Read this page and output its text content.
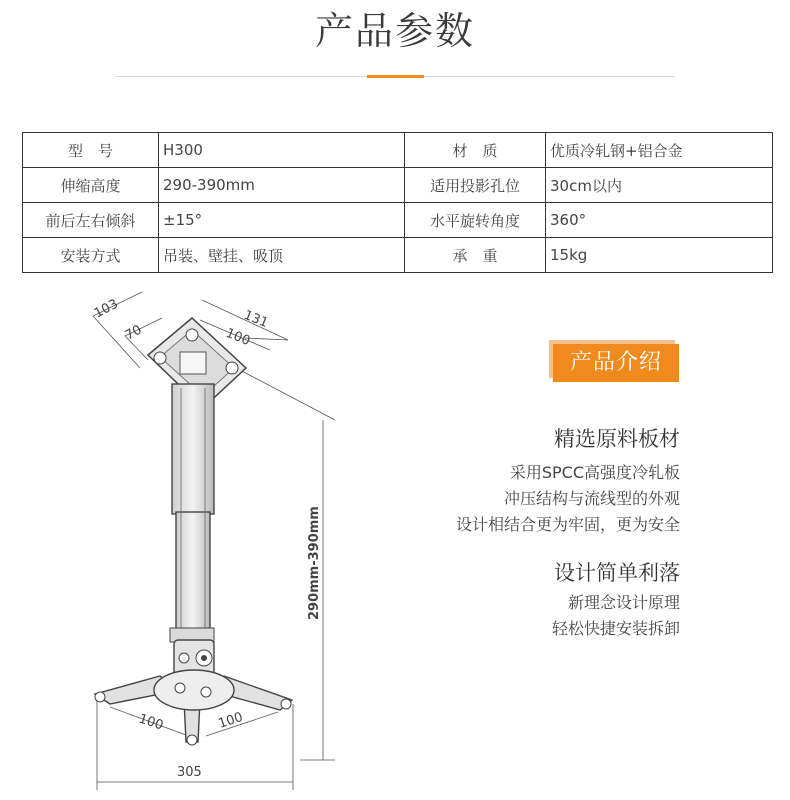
产品参数
型　号	H300	材　质	优质冷轧钢+铝合金
伸缩高度	290-390mm	适用投影孔位	30cm以内
前后左右倾斜	±15°	水平旋转角度	360°
安装方式	吊装、壁挂、吸顶	承　重	15kg
103
70
131
100
290mm-390mm
100	100
305
产品介绍
精选原料板材
采用SPCC高强度冷轧板
冲压结构与流线型的外观
设计相结合更为牢固，更为安全
设计简单利落
新理念设计原理
轻松快捷安装拆卸
